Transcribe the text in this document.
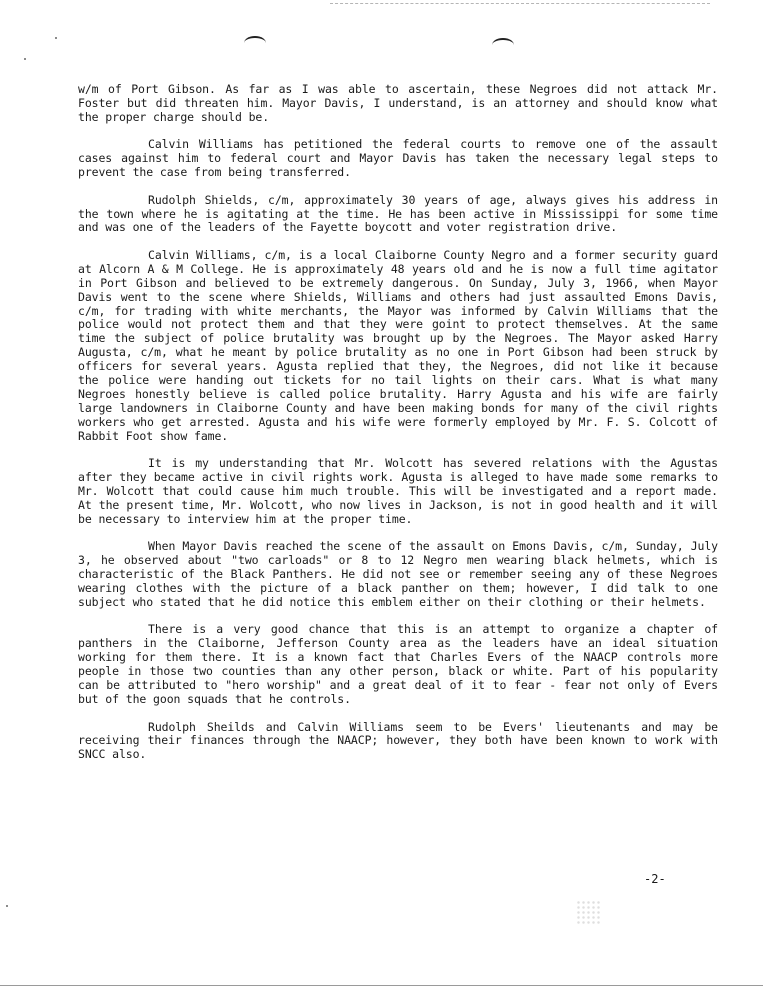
w/m of Port Gibson. As far as I was able to ascertain, these Negroes did not attack Mr. Foster but did threaten him. Mayor Davis, I understand, is an attorney and should know what the proper charge should be.

Calvin Williams has petitioned the federal courts to remove one of the assault cases against him to federal court and Mayor Davis has taken the necessary legal steps to prevent the case from being transferred.

Rudolph Shields, c/m, approximately 30 years of age, always gives his address in the town where he is agitating at the time. He has been active in Mississippi for some time and was one of the leaders of the Fayette boycott and voter registration drive.

Calvin Williams, c/m, is a local Claiborne County Negro and a former security guard at Alcorn A & M College. He is approximately 48 years old and he is now a full time agitator in Port Gibson and believed to be extremely dangerous. On Sunday, July 3, 1966, when Mayor Davis went to the scene where Shields, Williams and others had just assaulted Emons Davis, c/m, for trading with white merchants, the Mayor was informed by Calvin Williams that the police would not protect them and that they were goint to protect themselves. At the same time the subject of police brutality was brought up by the Negroes. The Mayor asked Harry Augusta, c/m, what he meant by police brutality as no one in Port Gibson had been struck by officers for several years. Agusta replied that they, the Negroes, did not like it because the police were handing out tickets for no tail lights on their cars. What is what many Negroes honestly believe is called police brutality. Harry Agusta and his wife are fairly large landowners in Claiborne County and have been making bonds for many of the civil rights workers who get arrested. Agusta and his wife were formerly employed by Mr. F. S. Colcott of Rabbit Foot show fame.

It is my understanding that Mr. Wolcott has severed relations with the Agustas after they became active in civil rights work. Agusta is alleged to have made some remarks to Mr. Wolcott that could cause him much trouble. This will be investigated and a report made. At the present time, Mr. Wolcott, who now lives in Jackson, is not in good health and it will be necessary to interview him at the proper time.

When Mayor Davis reached the scene of the assault on Emons Davis, c/m, Sunday, July 3, he observed about "two carloads" or 8 to 12 Negro men wearing black helmets, which is characteristic of the Black Panthers. He did not see or remember seeing any of these Negroes wearing clothes with the picture of a black panther on them; however, I did talk to one subject who stated that he did notice this emblem either on their clothing or their helmets.

There is a very good chance that this is an attempt to organize a chapter of panthers in the Claiborne, Jefferson County area as the leaders have an ideal situation working for them there. It is a known fact that Charles Evers of the NAACP controls more people in those two counties than any other person, black or white. Part of his popularity can be attributed to "hero worship" and a great deal of it to fear - fear not only of Evers but of the goon squads that he controls.

Rudolph Sheilds and Calvin Williams seem to be Evers' lieutenants and may be receiving their finances through the NAACP; however, they both have been known to work with SNCC also.

-2-
